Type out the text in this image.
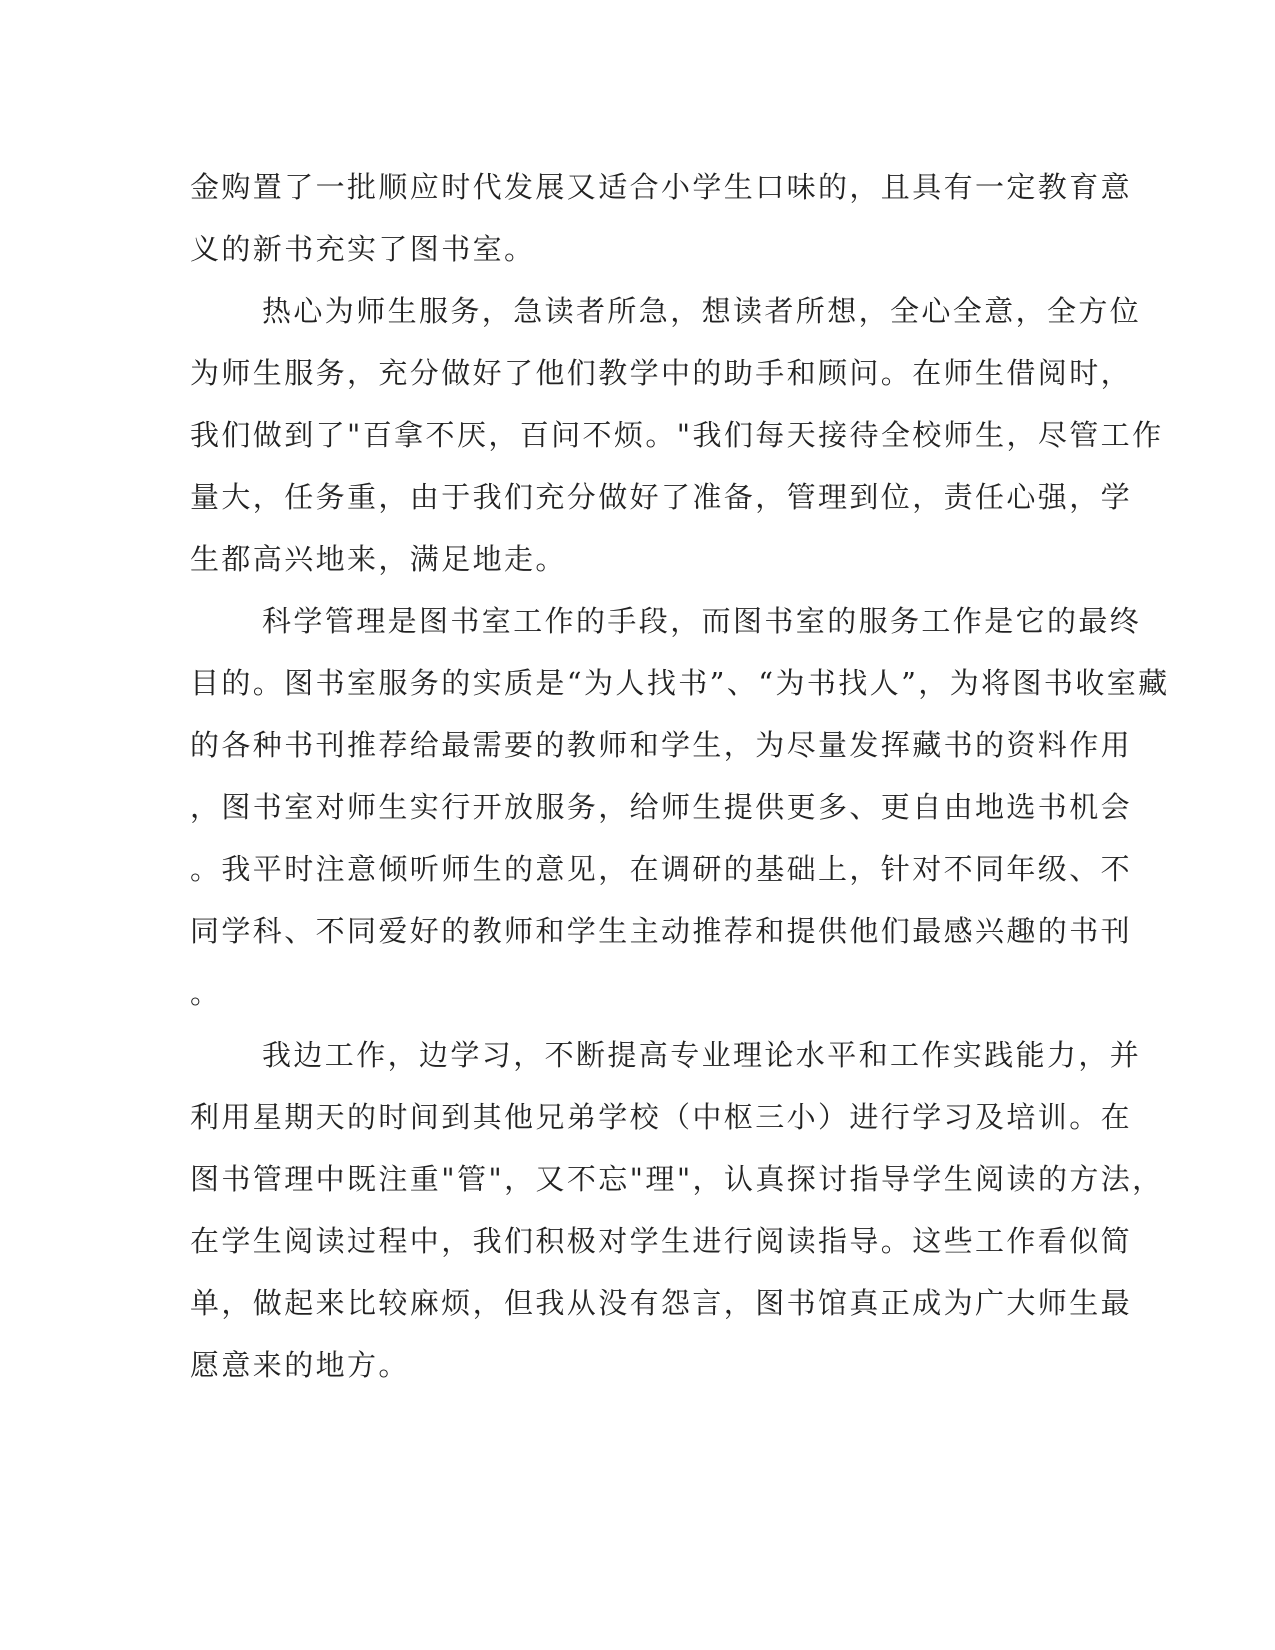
金购置了一批顺应时代发展又适合小学生口味的，且具有一定教育意
义的新书充实了图书室。
热心为师生服务，急读者所急，想读者所想，全心全意，全方位
为师生服务，充分做好了他们教学中的助手和顾问。在师生借阅时，
我们做到了"百拿不厌，百问不烦。"我们每天接待全校师生，尽管工作
量大，任务重，由于我们充分做好了准备，管理到位，责任心强，学
生都高兴地来，满足地走。
科学管理是图书室工作的手段，而图书室的服务工作是它的最终
目的。图书室服务的实质是“为人找书”、“为书找人”，为将图书收室藏
的各种书刊推荐给最需要的教师和学生，为尽量发挥藏书的资料作用
，图书室对师生实行开放服务，给师生提供更多、更自由地选书机会
。我平时注意倾听师生的意见，在调研的基础上，针对不同年级、不
同学科、不同爱好的教师和学生主动推荐和提供他们最感兴趣的书刊
。
我边工作，边学习，不断提高专业理论水平和工作实践能力，并
利用星期天的时间到其他兄弟学校（中枢三小）进行学习及培训。在
图书管理中既注重"管"，又不忘"理"，认真探讨指导学生阅读的方法，
在学生阅读过程中，我们积极对学生进行阅读指导。这些工作看似简
单，做起来比较麻烦，但我从没有怨言，图书馆真正成为广大师生最
愿意来的地方。
